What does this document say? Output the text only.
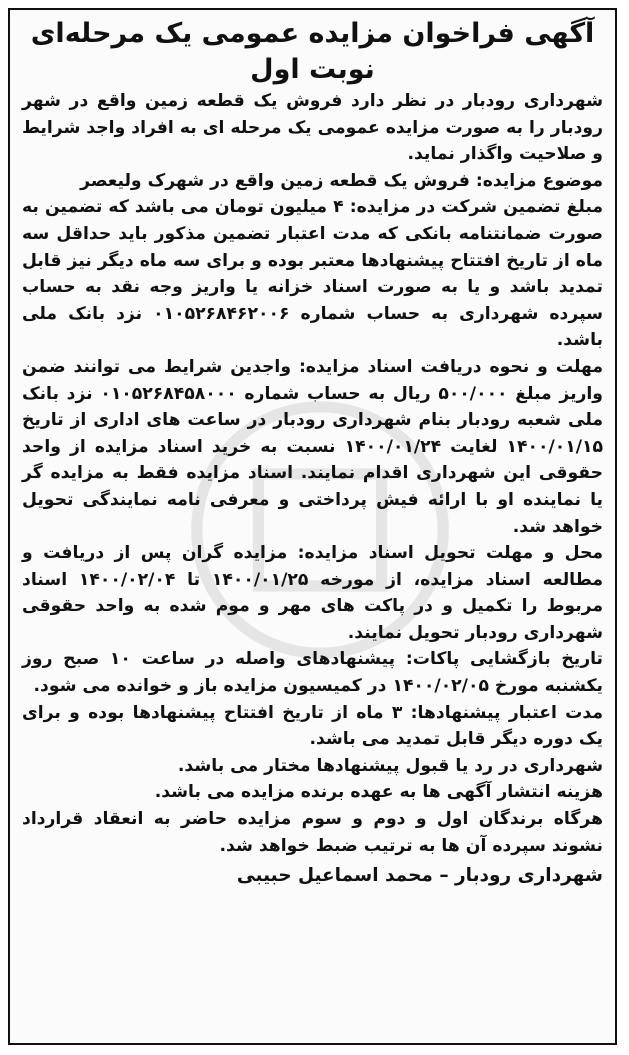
آگهی فراخوان مزایده عمومی یک مرحله‌ای

نوبت اول

شهرداری رودبار در نظر دارد فروش یک قطعه زمین واقع در شهر رودبار را به صورت مزایده عمومی یک مرحله ای به افراد واجد شرایط و صلاحیت واگذار نماید.

موضوع مزایده: فروش یک قطعه زمین واقع در شهرک ولیعصر

مبلغ تضمین شرکت در مزایده: ۴ میلیون تومان می باشد که تضمین به صورت ضمانتنامه بانکی که مدت اعتبار تضمین مذکور باید حداقل سه ماه از تاریخ افتتاح پیشنهادها معتبر بوده و برای سه ماه دیگر نیز قابل تمدید باشد و یا به صورت اسناد خزانه یا واریز وجه نقد به حساب سپرده شهرداری به حساب شماره ۰۱۰۵۲۶۸۴۶۲۰۰۶ نزد بانک ملی باشد.

مهلت و نحوه دریافت اسناد مزایده: واجدین شرایط می توانند ضمن واریز مبلغ ۵۰۰/۰۰۰ ریال به حساب شماره ۰۱۰۵۲۶۸۴۵۸۰۰۰ نزد بانک ملی شعبه رودبار بنام شهرداری رودبار در ساعت های اداری از تاریخ ۱۴۰۰/۰۱/۱۵ لغایت ۱۴۰۰/۰۱/۲۴ نسبت به خرید اسناد مزایده از واحد حقوقی این شهرداری اقدام نمایند. اسناد مزایده فقط به مزایده گر یا نماینده او با ارائه فیش پرداختی و معرفی نامه نمایندگی تحویل خواهد شد.

محل و مهلت تحویل اسناد مزایده: مزایده گران پس از دریافت و مطالعه اسناد مزایده، از مورخه ۱۴۰۰/۰۱/۲۵ تا ۱۴۰۰/۰۲/۰۴ اسناد مربوط را تکمیل و در پاکت های مهر و موم شده به واحد حقوقی شهرداری رودبار تحویل نمایند.

تاریخ بازگشایی پاکات: پیشنهادهای واصله در ساعت ۱۰ صبح روز یکشنبه مورخ ۱۴۰۰/۰۲/۰۵ در کمیسیون مزایده باز و خوانده می شود.

مدت اعتبار پیشنهادها: ۳ ماه از تاریخ افتتاح پیشنهادها بوده و برای یک دوره دیگر قابل تمدید می باشد.

شهرداری در رد یا قبول پیشنهادها مختار می باشد.

هزینه انتشار آگهی ها به عهده برنده مزایده می باشد.

هرگاه برندگان اول و دوم و سوم مزایده حاضر به انعقاد قرارداد نشوند سپرده آن ها به ترتیب ضبط خواهد شد.

شهرداری رودبار – محمد اسماعیل حبیبی
